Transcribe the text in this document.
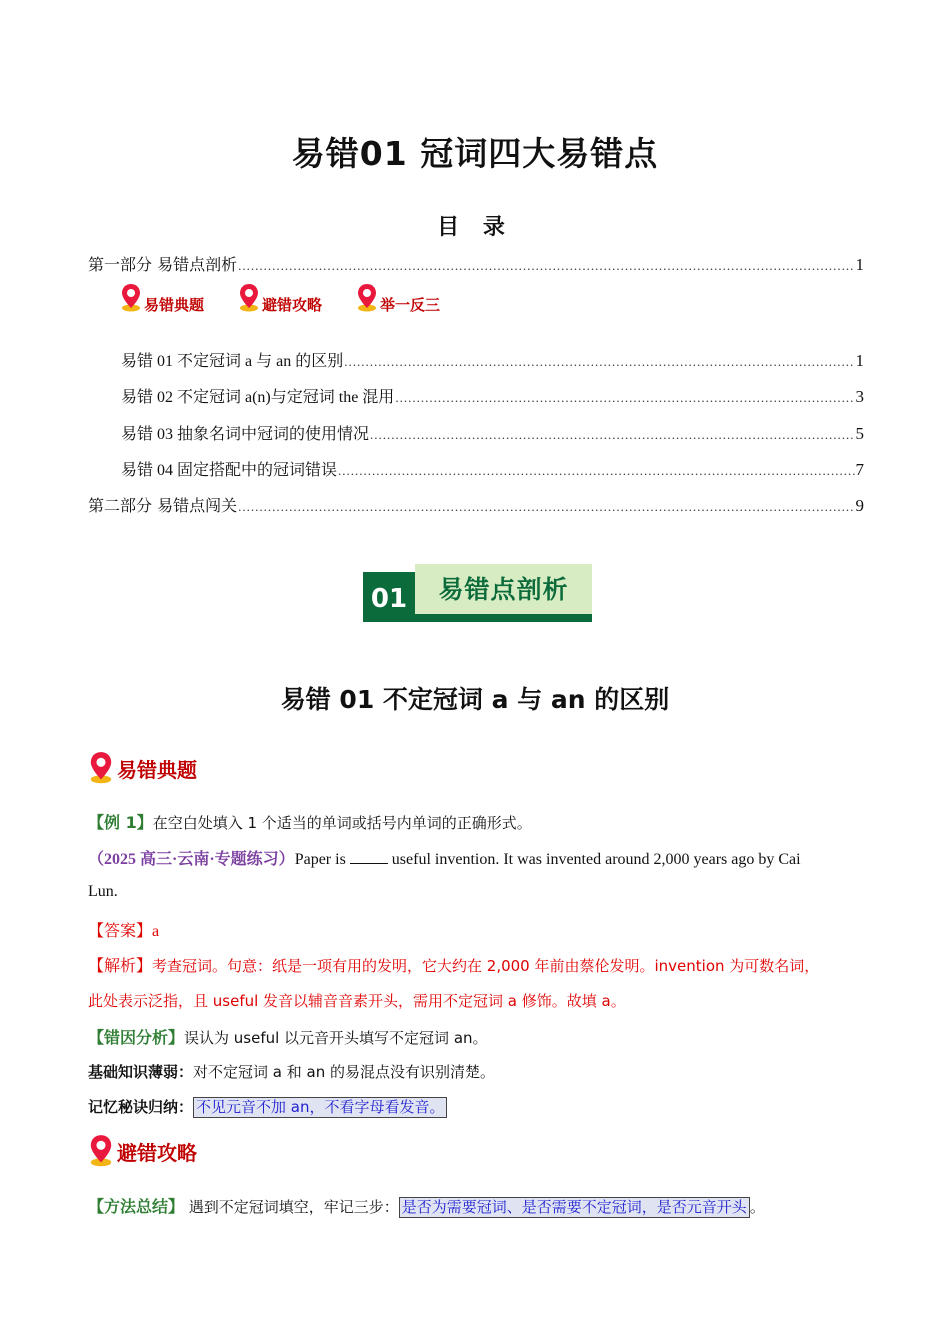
易错01 冠词四大易错点
目 录
第一部分 易错点剖析 .....	1
易错典题	避错攻略	举一反三
易错 01 不定冠词 a 与 an 的区别 .....	1
易错 02 不定冠词 a(n)与定冠词 the 混用 .....	3
易错 03 抽象名词中冠词的使用情况 .....	5
易错 04 固定搭配中的冠词错误 .....	7
第二部分 易错点闯关 .....	9
01	易错点剖析
易错 01 不定冠词 a 与 an 的区别
易错典题
【例 1】在空白处填入 1 个适当的单词或括号内单词的正确形式。
（2025 高三·云南·专题练习）Paper is  useful invention. It was invented around 2,000 years ago by Cai
Lun.
【答案】a
【解析】考查冠词。句意：纸是一项有用的发明，它大约在 2,000 年前由蔡伦发明。invention 为可数名词，
此处表示泛指，且 useful 发音以辅音音素开头，需用不定冠词 a 修饰。故填 a。
【错因分析】误认为 useful 以元音开头填写不定冠词 an。
基础知识薄弱：对不定冠词 a 和 an 的易混点没有识别清楚。
记忆秘诀归纳： 不见元音不加 an，不看字母看发音。
避错攻略
【方法总结】 遇到不定冠词填空，牢记三步： 是否为需要冠词、是否需要不定冠词，是否元音开头 。
